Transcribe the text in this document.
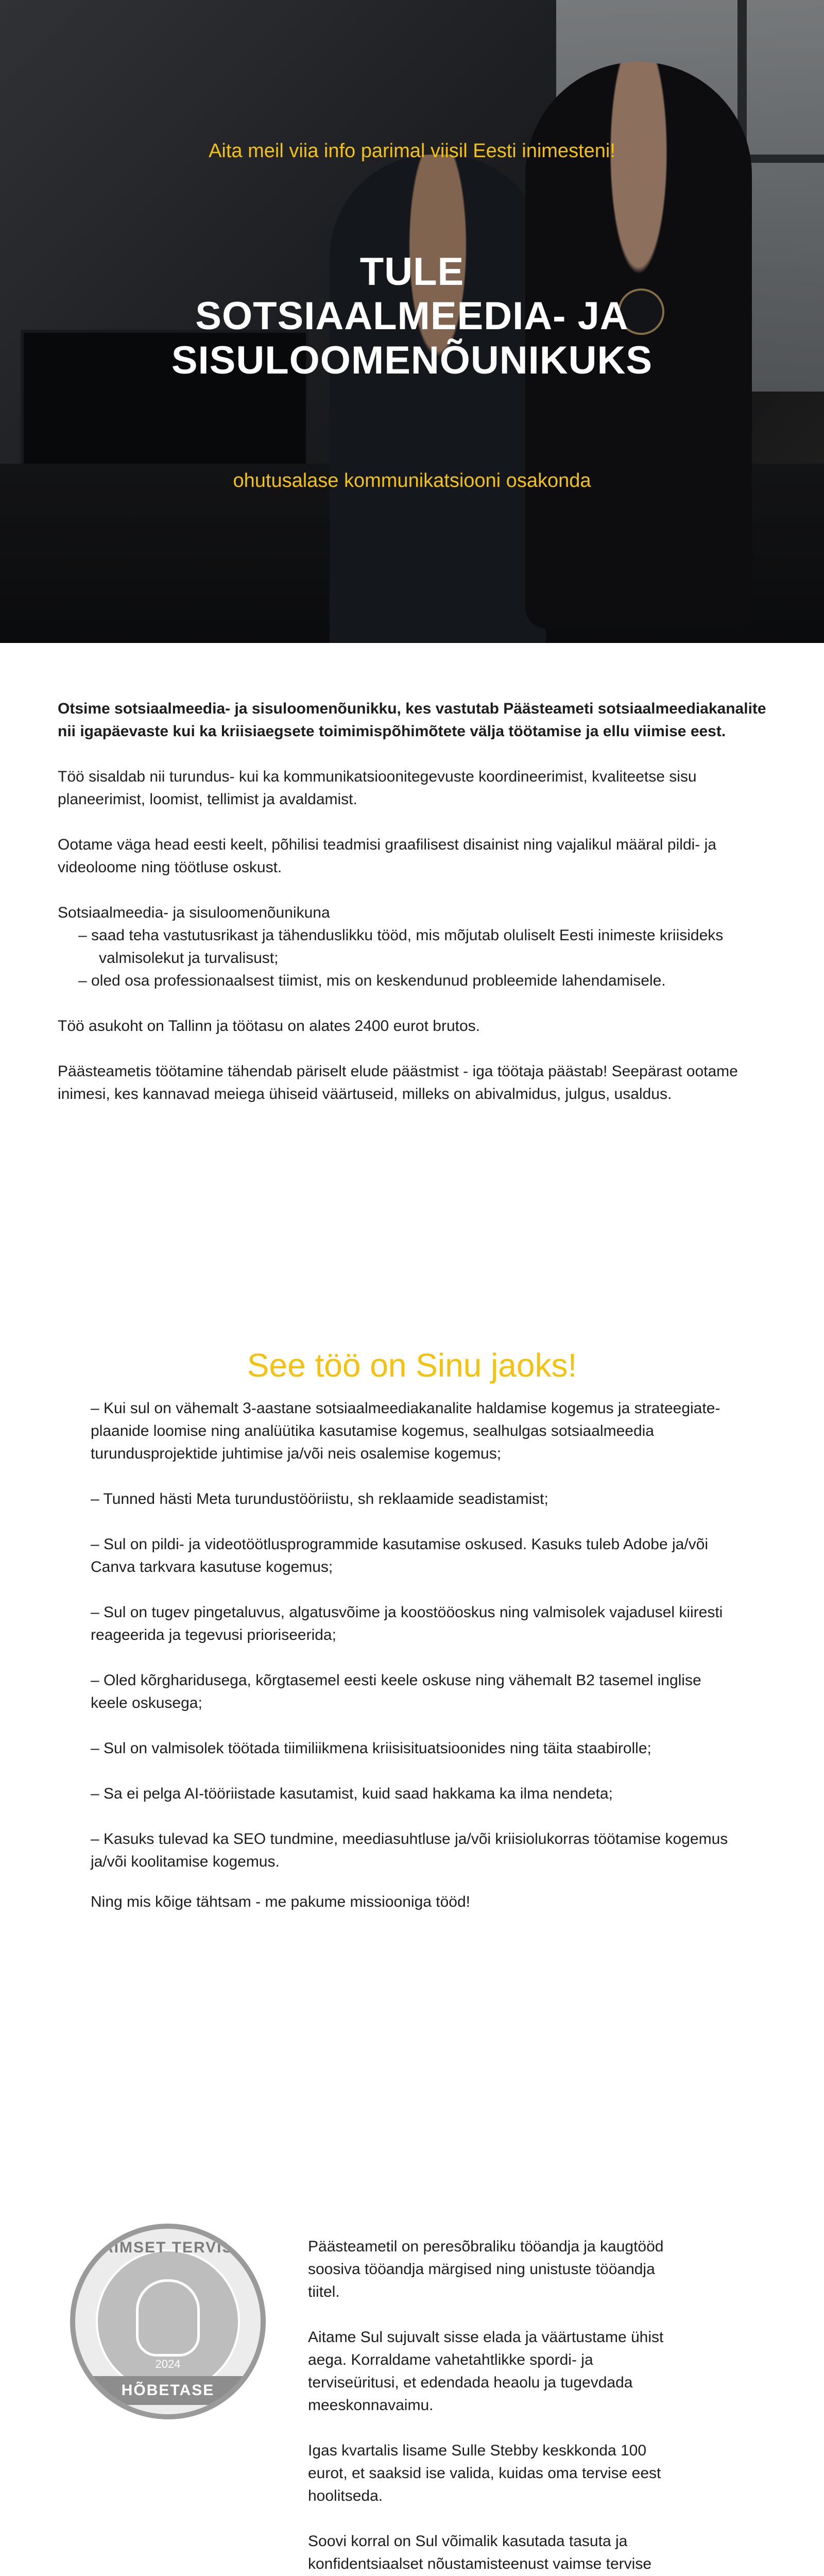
Aita meil viia info parimal viisil Eesti inimesteni!
TULE
SOTSIAALMEEDIA- JA
SISULOOMENÕUNIKUKS
ohutusalase kommunikatsiooni osakonda

Otsime sotsiaalmeedia- ja sisuloomenõunikku, kes vastutab Päästeameti sotsiaalmeediakanalite nii igapäevaste kui ka kriisiaegsete toimimispõhimõtete välja töötamise ja ellu viimise eest.

Töö sisaldab nii turundus- kui ka kommunikatsioonitegevuste koordineerimist, kvaliteetse sisu planeerimist, loomist, tellimist ja avaldamist.

Ootame väga head eesti keelt, põhilisi teadmisi graafilisest disainist ning vajalikul määral pildi- ja videoloome ning töötluse oskust.

Sotsiaalmeedia- ja sisuloomenõunikuna
– saad teha vastutusrikast ja tähenduslikku tööd, mis mõjutab oluliselt Eesti inimeste kriisideks valmisolekut ja turvalisust;
– oled osa professionaalsest tiimist, mis on keskendunud probleemide lahendamisele.

Töö asukoht on Tallinn ja töötasu on alates 2400 eurot brutos.

Päästeametis töötamine tähendab päriselt elude päästmist - iga töötaja päästab! Seepärast ootame inimesi, kes kannavad meiega ühiseid väärtuseid, milleks on abivalmidus, julgus, usaldus.

See töö on Sinu jaoks!
– Kui sul on vähemalt 3-aastane sotsiaalmeediakanalite haldamise kogemus ja strateegiate-plaanide loomise ning analüütika kasutamise kogemus, sealhulgas sotsiaalmeedia turundusprojektide juhtimise ja/või neis osalemise kogemus;
– Tunned hästi Meta turundustööriistu, sh reklaamide seadistamist;
– Sul on pildi- ja videotöötlusprogrammide kasutamise oskused. Kasuks tuleb Adobe ja/või Canva tarkvara kasutuse kogemus;
– Sul on tugev pingetaluvus, algatusvõime ja koostööoskus ning valmisolek vajadusel kiiresti reageerida ja tegevusi prioriseerida;
– Oled kõrgharidusega, kõrgtasemel eesti keele oskuse ning vähemalt B2 tasemel inglise keele oskusega;
– Sul on valmisolek töötada tiimiliikmena kriisisituatsioonides ning täita staabirolle;
– Sa ei pelga AI-tööriistade kasutamist, kuid saad hakkama ka ilma nendeta;
– Kasuks tulevad ka SEO tundmine, meediasuhtluse ja/või kriisiolukorras töötamise kogemus ja/või koolitamise kogemus.
Ning mis kõige tähtsam - me pakume missiooniga tööd!
VAIMSET TERVIST
2024
HÕBETASE

Päästeametil on peresõbraliku tööandja ja kaugtööd soosiva tööandja märgised ning unistuste tööandja tiitel.

Aitame Sul sujuvalt sisse elada ja väärtustame ühist aega. Korraldame vahetahtlikke spordi- ja terviseüritusi, et edendada heaolu ja tugevdada meeskonnavaimu.

Igas kvartalis lisame Sulle Stebby keskkonda 100 eurot, et saaksid ise valida, kuidas oma tervise eest hoolitseda.

Soovi korral on Sul võimalik kasutada tasuta ja konfidentsiaalset nõustamisteenust vaimse tervise
